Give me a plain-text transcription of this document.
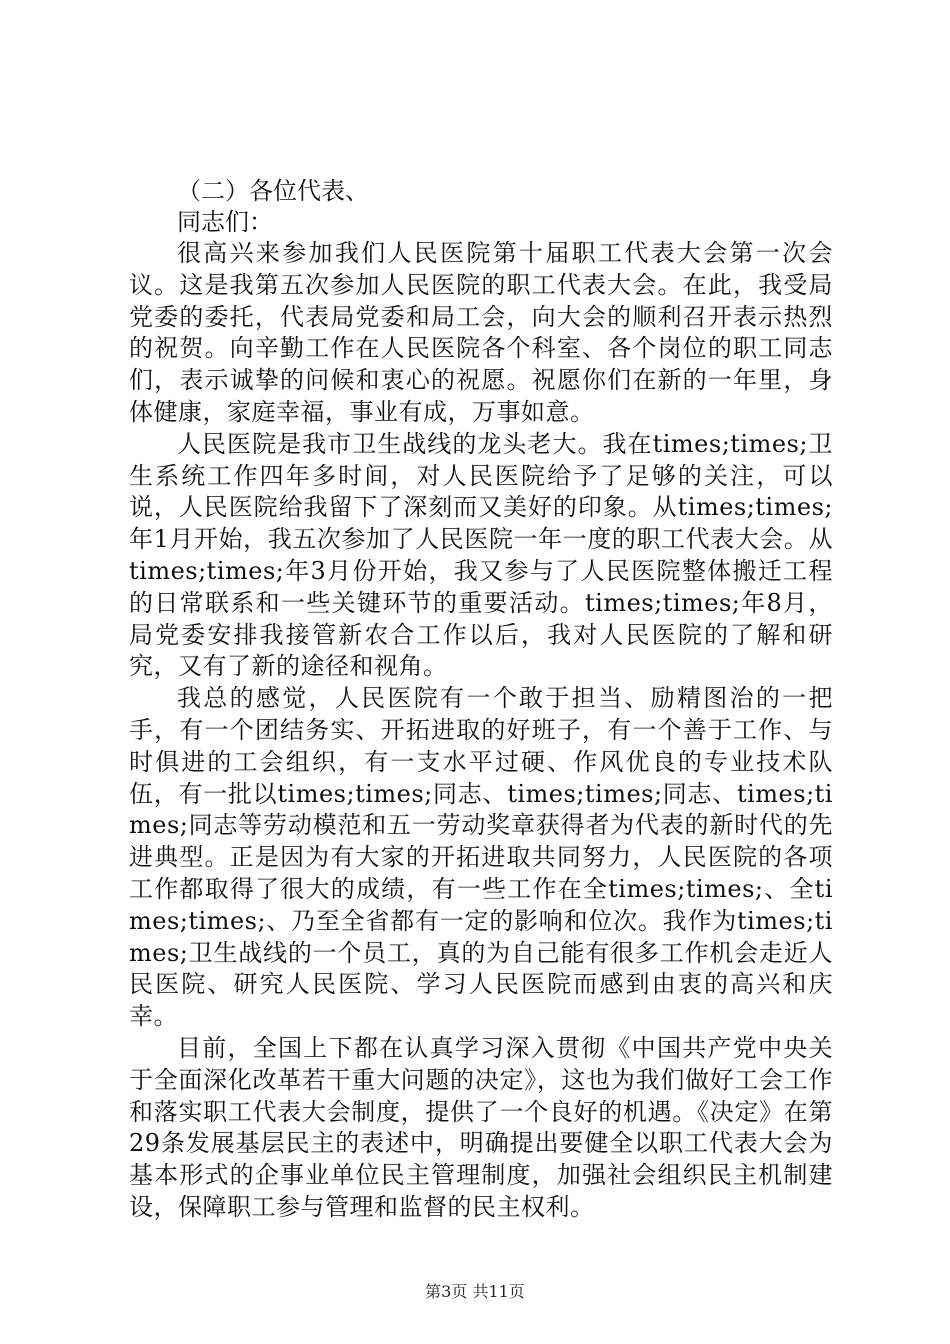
（二）各位代表、

同志们：

很高兴来参加我们人民医院第十届职工代表大会第一次会议。这是我第五次参加人民医院的职工代表大会。在此，我受局党委的委托，代表局党委和局工会，向大会的顺利召开表示热烈的祝贺。向辛勤工作在人民医院各个科室、各个岗位的职工同志们，表示诚挚的问候和衷心的祝愿。祝愿你们在新的一年里，身体健康，家庭幸福，事业有成，万事如意。

人民医院是我市卫生战线的龙头老大。我在times;times;卫生系统工作四年多时间，对人民医院给予了足够的关注，可以说，人民医院给我留下了深刻而又美好的印象。从times;times;年1月开始，我五次参加了人民医院一年一度的职工代表大会。从times;times;年3月份开始，我又参与了人民医院整体搬迁工程的日常联系和一些关键环节的重要活动。times;times;年8月，局党委安排我接管新农合工作以后，我对人民医院的了解和研究，又有了新的途径和视角。

我总的感觉，人民医院有一个敢于担当、励精图治的一把手，有一个团结务实、开拓进取的好班子，有一个善于工作、与时俱进的工会组织，有一支水平过硬、作风优良的专业技术队伍，有一批以times;times;同志、times;times;同志、times;times;同志等劳动模范和五一劳动奖章获得者为代表的新时代的先进典型。正是因为有大家的开拓进取共同努力，人民医院的各项工作都取得了很大的成绩，有一些工作在全times;times;、全times;times;、乃至全省都有一定的影响和位次。我作为times;times;卫生战线的一个员工，真的为自己能有很多工作机会走近人民医院、研究人民医院、学习人民医院而感到由衷的高兴和庆幸。

目前，全国上下都在认真学习深入贯彻《中国共产党中央关于全面深化改革若干重大问题的决定》，这也为我们做好工会工作和落实职工代表大会制度，提供了一个良好的机遇。《决定》在第29条发展基层民主的表述中，明确提出要健全以职工代表大会为基本形式的企事业单位民主管理制度，加强社会组织民主机制建设，保障职工参与管理和监督的民主权利。

第3页 共11页
